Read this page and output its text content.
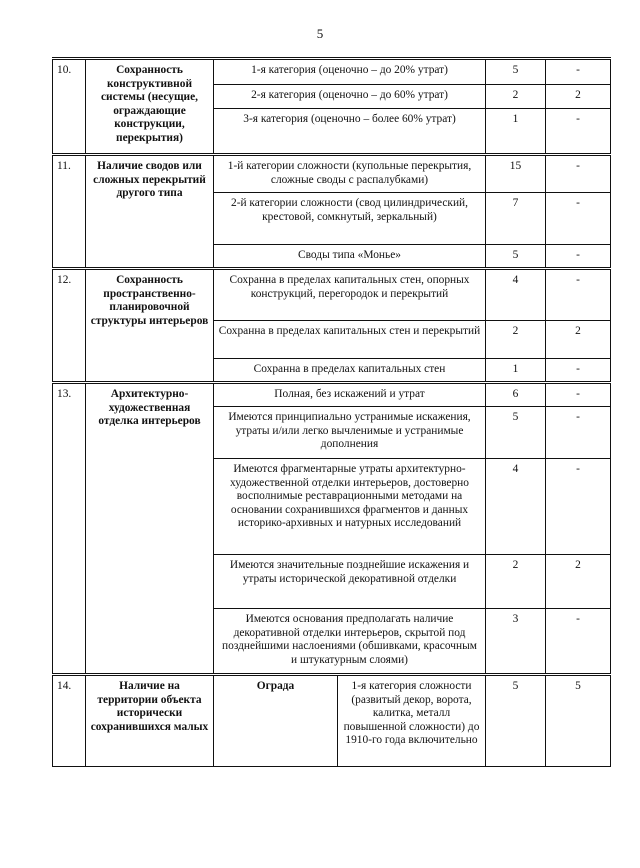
5
10.	Сохранность конструктивной системы (несущие, ограждающие конструкции, перекрытия)	1-я категория (оценочно – до 20% утрат)		5	-
		2-я категория (оценочно – до 60% утрат)		2	2
		3-я категория (оценочно – более 60% утрат)		1	-
11.	Наличие сводов или сложных перекрытий другого типа	1-й категории сложности (купольные перекрытия, сложные своды с распалубками)		15	-
		2-й категории сложности (свод цилиндрический, крестовой, сомкнутый, зеркальный)		7	-
		Своды типа «Монье»		5	-
12.	Сохранность пространственно-планировочной структуры интерьеров	Сохранна в пределах капитальных стен, опорных конструкций, перегородок и перекрытий		4	-
		Сохранна в пределах капитальных стен и перекрытий		2	2
		Сохранна в пределах капитальных стен		1	-
13.	Архитектурно-художественная отделка интерьеров	Полная, без искажений и утрат		6	-
		Имеются принципиально устранимые искажения, утраты и/или легко вычленимые и устранимые дополнения		5	-
		Имеются фрагментарные утраты архитектурно-художественной отделки интерьеров, достоверно восполнимые реставрационными методами на основании сохранившихся фрагментов и данных историко-архивных и натурных исследований		4	-
		Имеются значительные позднейшие искажения и утраты исторической декоративной отделки		2	2
		Имеются основания предполагать наличие декоративной отделки интерьеров, скрытой под позднейшими наслоениями (обшивками, красочным и штукатурным слоями)		3	-
14.	Наличие на территории объекта исторически сохранившихся малых	Ограда	1-я категория сложности (развитый декор, ворота, калитка, металл повышенной сложности) до 1910-го года включительно	5	5
